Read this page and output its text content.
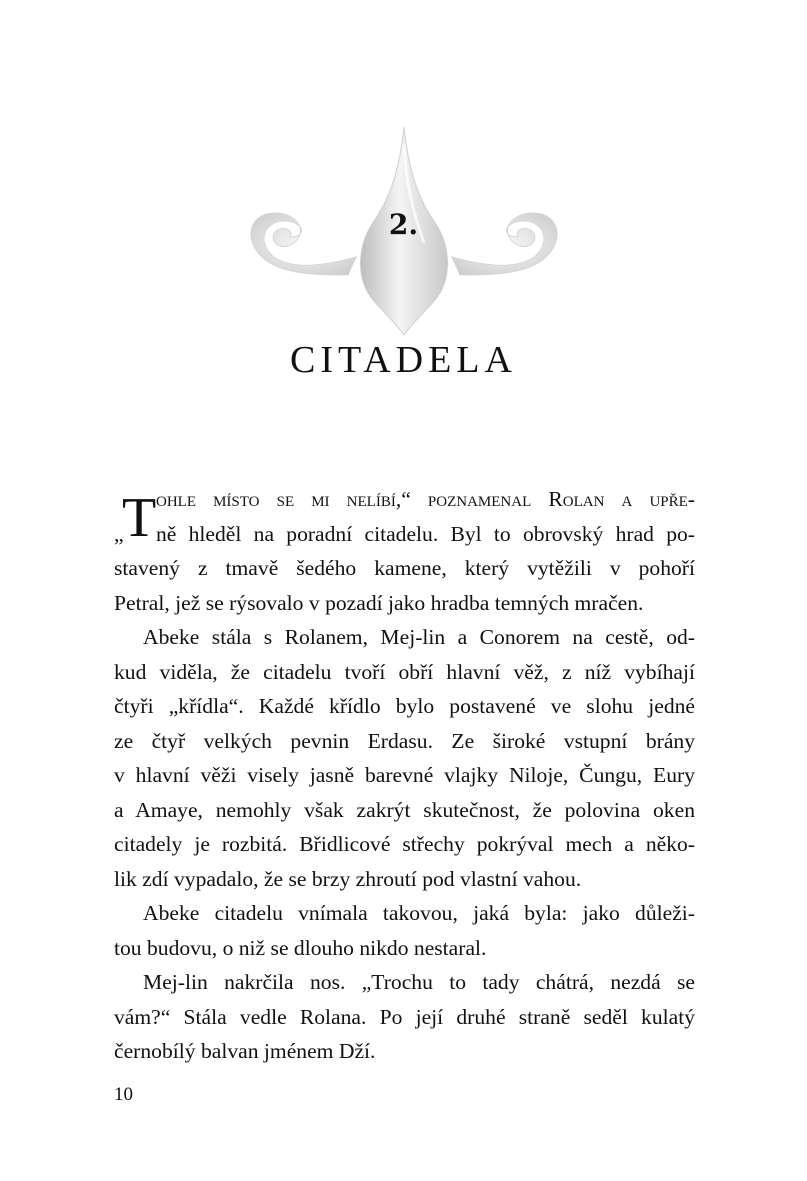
2.
CITADELA
T ohle místo se mi nelíbí,“ poznamenal Rolan a upře-
„ ně hleděl na poradní citadelu. Byl to obrovský hrad po-
stavený z tmavě šedého kamene, který vytěžili v pohoří
Petral, jež se rýsovalo v pozadí jako hradba temných mračen.
Abeke stála s Rolanem, Mej-lin a Conorem na cestě, od-
kud viděla, že citadelu tvoří obří hlavní věž, z níž vybíhají
čtyři „křídla“. Každé křídlo bylo postavené ve slohu jedné
ze čtyř velkých pevnin Erdasu. Ze široké vstupní brány
v hlavní věži visely jasně barevné vlajky Niloje, Čungu, Eury
a Amaye, nemohly však zakrýt skutečnost, že polovina oken
citadely je rozbitá. Břidlicové střechy pokrýval mech a něko-
lik zdí vypadalo, že se brzy zhroutí pod vlastní vahou.
Abeke citadelu vnímala takovou, jaká byla: jako důleži-
tou budovu, o niž se dlouho nikdo nestaral.
Mej-lin nakrčila nos. „Trochu to tady chátrá, nezdá se
vám?“ Stála vedle Rolana. Po její druhé straně seděl kulatý
černobílý balvan jménem Dží.
10
